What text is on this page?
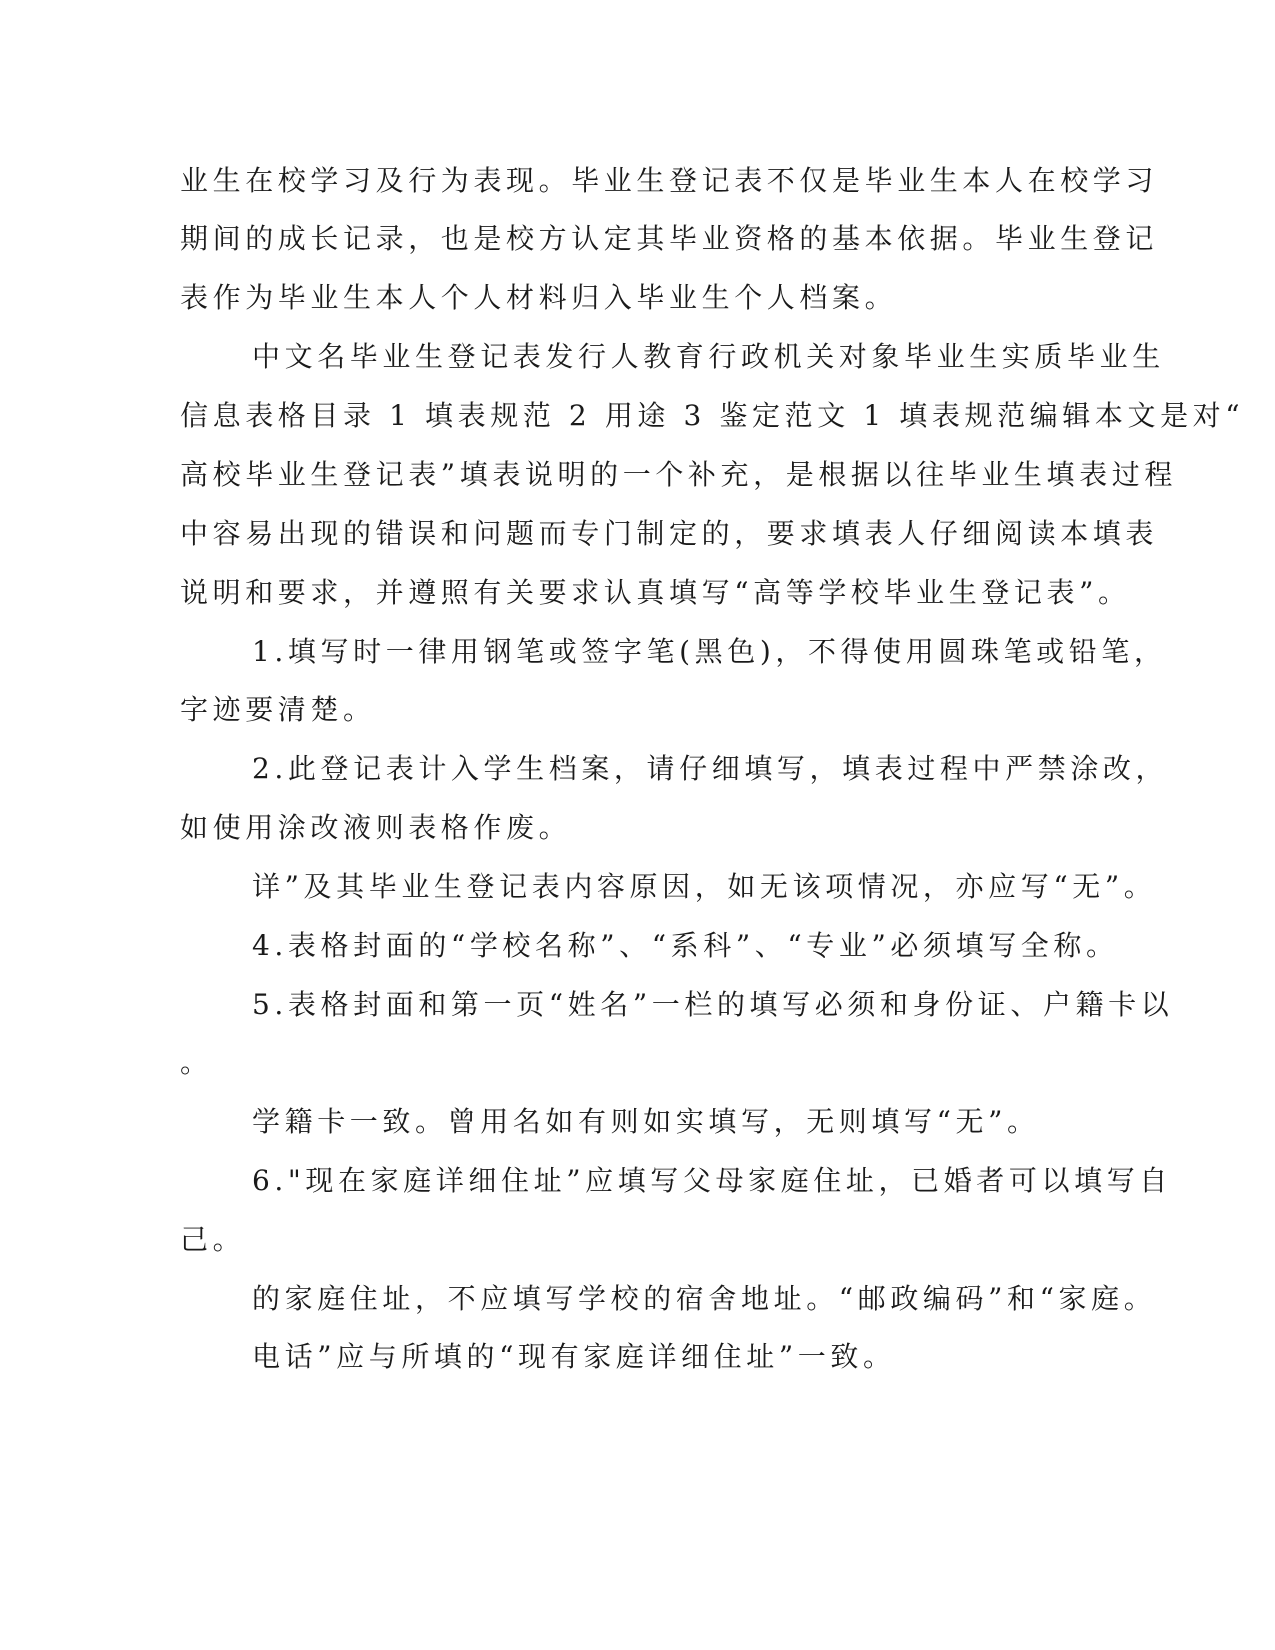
业生在校学习及行为表现。毕业生登记表不仅是毕业生本人在校学习
期间的成长记录，也是校方认定其毕业资格的基本依据。毕业生登记
表作为毕业生本人个人材料归入毕业生个人档案。
中文名毕业生登记表发行人教育行政机关对象毕业生实质毕业生
信息表格目录 1 填表规范 2 用途 3 鉴定范文 1 填表规范编辑本文是对“
高校毕业生登记表”填表说明的一个补充，是根据以往毕业生填表过程
中容易出现的错误和问题而专门制定的，要求填表人仔细阅读本填表
说明和要求，并遵照有关要求认真填写“高等学校毕业生登记表”。
1.填写时一律用钢笔或签字笔(黑色)，不得使用圆珠笔或铅笔，
字迹要清楚。
2.此登记表计入学生档案，请仔细填写，填表过程中严禁涂改，
如使用涂改液则表格作废。
详”及其毕业生登记表内容原因，如无该项情况，亦应写“无”。
4.表格封面的“学校名称”、“系科”、“专业”必须填写全称。
5.表格封面和第一页“姓名”一栏的填写必须和身份证、户籍卡以
。
学籍卡一致。曾用名如有则如实填写，无则填写“无”。
6."现在家庭详细住址”应填写父母家庭住址，已婚者可以填写自
己。
的家庭住址，不应填写学校的宿舍地址。“邮政编码”和“家庭。
电话”应与所填的“现有家庭详细住址”一致。
